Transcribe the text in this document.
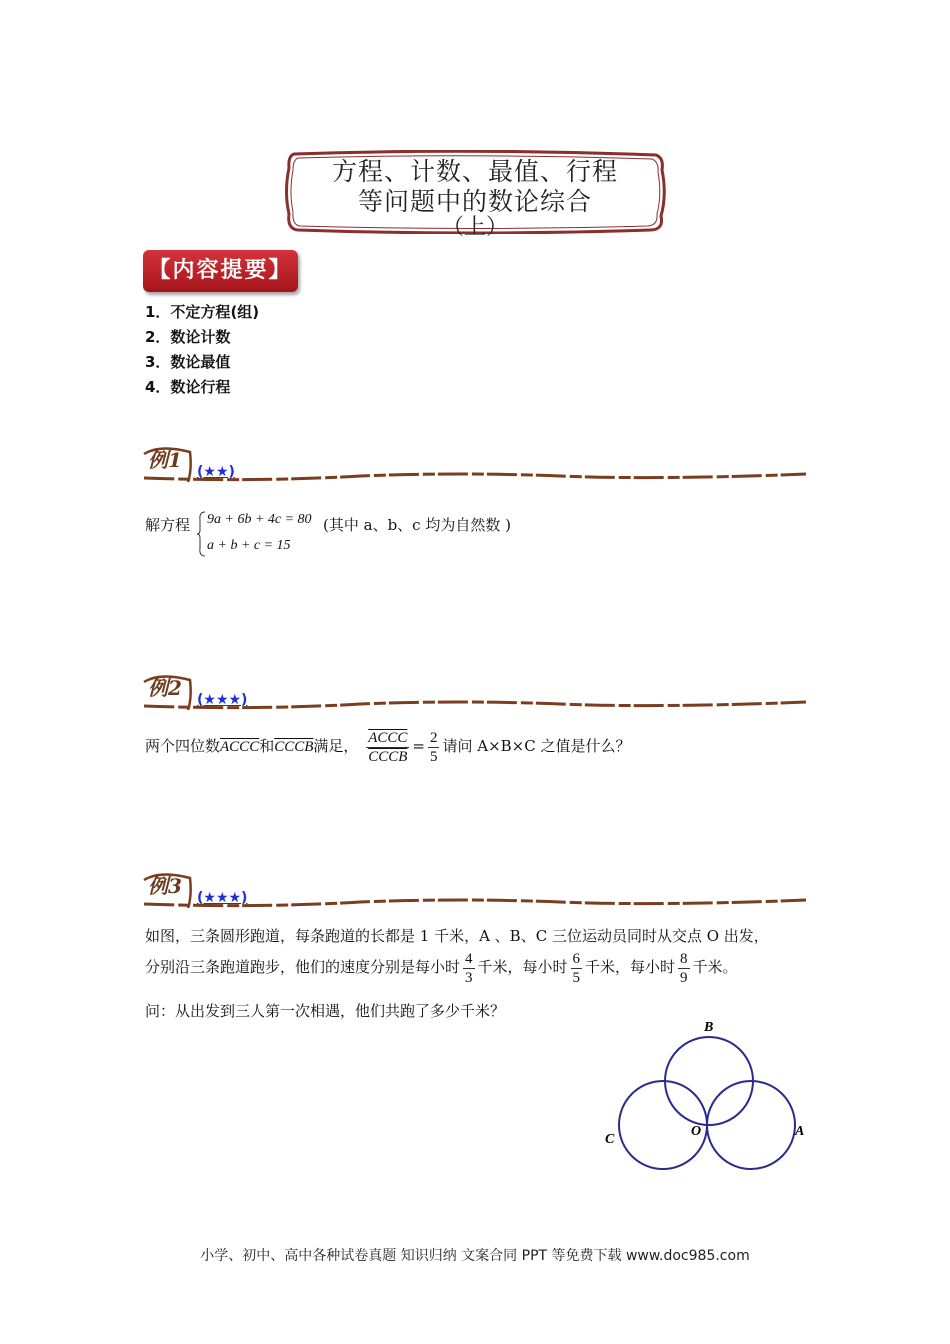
方程、计数、最值、行程
等问题中的数论综合
（上）
【内容提要】
1．不定方程(组)
2．数论计数
3．数论最值
4．数论行程
例1 (★★)
解方程 9a + 6b + 4c = 80
a + b + c = 15
(其中 a、b、c 均为自然数 )
例2 (★★★)
两个四位数ACCC和CCCB满足， $\frac{\text{ACCC}}{\text{CCCB}} = \frac{2}{5}$ 请问 A×B×C 之值是什么？
例3 (★★★)
如图，三条圆形跑道，每条跑道的长都是 1 千米，A 、B、C 三位运动员同时从交点 O 出发，
分别沿三条跑道跑步，他们的速度分别是每小时 $\frac{4}{3}$ 千米，每小时 $\frac{6}{5}$ 千米，每小时 $\frac{8}{9}$ 千米。
问：从出发到三人第一次相遇，他们共跑了多少千米？
B
C
O	A
小学、初中、高中各种试卷真题 知识归纳 文案合同 PPT 等免费下载 www.doc985.com
